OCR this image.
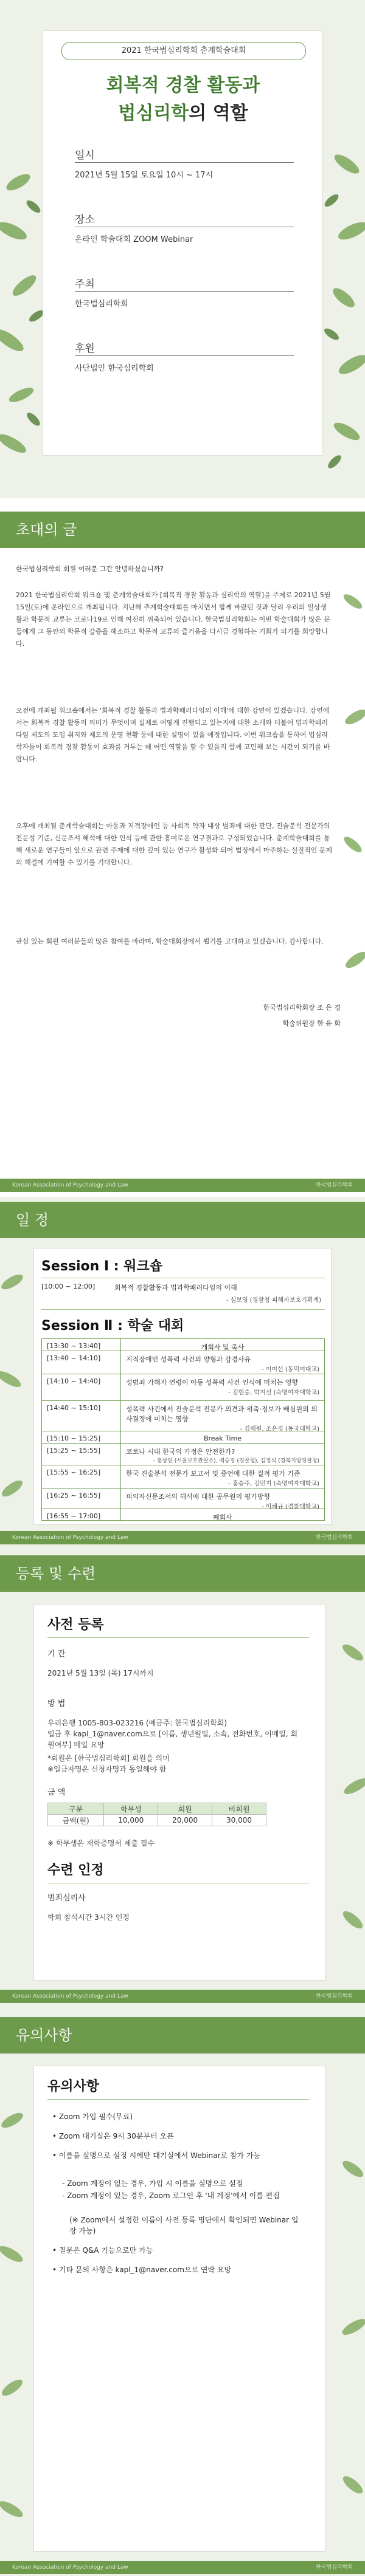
2021 한국법심리학회 춘계학술대회
회복적 경찰 활동과
법심리학의 역할
일시
2021년 5월 15일 토요일 10시 ~ 17시
장소
온라인 학술대회 ZOOM Webinar
주최
한국법심리학회
후원
사단법인 한국심리학회
초대의 글
한국법심리학회 회원 여러분 그간 안녕하셨습니까?
2021 한국법심리학회 워크숍 및 춘계학술대회가 [회복적 경찰 활동과 심리학의 역할]을 주제로 2021년 5월 15일(토)에 온라인으로 개최됩니다. 지난해 추계학술대회를 마치면서 함께 바랐던 것과 달리 우리의 일상생활과 학문적 교류는 코로나19로 인해 여전히 위축되어 있습니다. 한국법심리학회는 이번 학술대회가 많은 분들에게 그 동안의 학문적 갈증을 해소하고 학문적 교류의 즐거움을 다시금 경험하는 기회가 되기를 희망합니다.
오전에 개최될 워크숍에서는 '회복적 경찰 활동과 법과학패러다임의 이해'에 대한 강연이 있겠습니다. 강연에서는 회복적 경찰 활동의 의미가 무엇이며 실제로 어떻게 진행되고 있는지에 대한 소개와 더불어 법과학패러다임 제도의 도입 취지와 제도의 운영 현황 등에 대한 설명이 있을 예정입니다. 이번 워크숍을 통하여 법심리학자들이 회복적 경찰 활동이 효과를 거두는 데 어떤 역할을 할 수 있을지 함께 고민해 보는 시간이 되기를 바랍니다.
오후에 개최될 춘계학술대회는 아동과 지적장애인 등 사회적 약자 대상 범죄에 대한 판단, 진술분석 전문가의 전문성 기준, 신문조서 해석에 대한 인식 등에 관한 흥미로운 연구결과로 구성되었습니다. 춘계학술대회를 통해 새로운 연구들이 앞으로 관련 주제에 대한 깊이 있는 연구가 활성화 되어 법정에서 마주하는 실질적인 문제의 해결에 기여할 수 있기를 기대합니다.
관심 있는 회원 여러분들의 많은 참여를 바라며, 학술대회장에서 뵙기를 고대하고 있겠습니다. 감사합니다.
한국법심리학회장 조 은 경
학술위원장 한 유 화
Korean Association of Psychology and Law	한국법심리학회
일 정
Session Ⅰ : 워크숍
[10:00 ~ 12:00]	회복적 경찰활동과 법과학패러다임의 이해
- 심보영 (경찰청 피해자보호기획계)
Session Ⅱ : 학술 대회
[13:30 ~ 13:40]	개회사 및 축사
[13:40 ~ 14:10]	지적장애인 성폭력 사건의 양형과 감경사유
- 이미선 (동덕여대교)
[14:10 ~ 14:40]	성범죄 가해자 연령이 아동 성폭력 사건 인식에 미치는 영향
- 김현승, 박지선 (숙명여자대학교)
[14:40 ~ 15:10]	성폭력 사건에서 진술분석 전문가 의견과 위축·정보가 배심원의 의사결정에 미치는 영향
- 김채원, 조은경 (동국대학교)
[15:10 ~ 15:25]	Break Time
[15:25 ~ 15:55]	코로나 시대 한국의 가정은 안전한가?
- 홍상연 (서울보호관찰소), 백승경 (경찰청), 김정식 (경북지방경찰청)
[15:55 ~ 16:25]	한국 진술분석 전문가 보고서 및 증언에 대한 질적 평가 기준
- 홍승주, 김민지 (숙명여자대학교)
[16:25 ~ 16:55]	피의자신문조서의 해석에 대한 공무원의 평가방향
- 이혜규 (경찰대학교)
[16:55 ~ 17:00]	폐회사
Korean Association of Psychology and Law	한국법심리학회
등록 및 수련
사전 등록
기 간
2021년 5월 13일 (목) 17시까지
방 법
우리은행 1005-803-023216 (예금주: 한국법심리학회)
입금 후 kapl_1@naver.com으로 [이름, 생년월일, 소속, 전화번호, 이메일, 회원여부] 메일 요망
*회원은 [한국법심리학회] 회원을 의미
※입금자명은 신청자명과 동일해야 함
금 액
구분	학부생	회원	비회원
금액(원)	10,000	20,000	30,000
※ 학부생은 재학증명서 제출 필수
수련 인정
범죄심리사
학회 참석시간 3시간 인정
Korean Association of Psychology and Law	한국법심리학회
유의사항
유의사항
• Zoom 가입 필수(무료)
• Zoom 대기실은 9시 30분부터 오픈
• 이름을 실명으로 설정 시에만 대기실에서 Webinar로 참가 가능
- Zoom 계정이 없는 경우, 가입 시 이름을 실명으로 설정
- Zoom 계정이 있는 경우, Zoom 로그인 후 '내 계정'에서 이름 편집
(※ Zoom에서 설정한 이름이 사전 등록 명단에서 확인되면 Webinar 입장 가능)
• 질문은 Q&A 기능으로만 가능
• 기타 문의 사항은 kapl_1@naver.com으로 연락 요망
Korean Association of Psychology and Law	한국법심리학회
